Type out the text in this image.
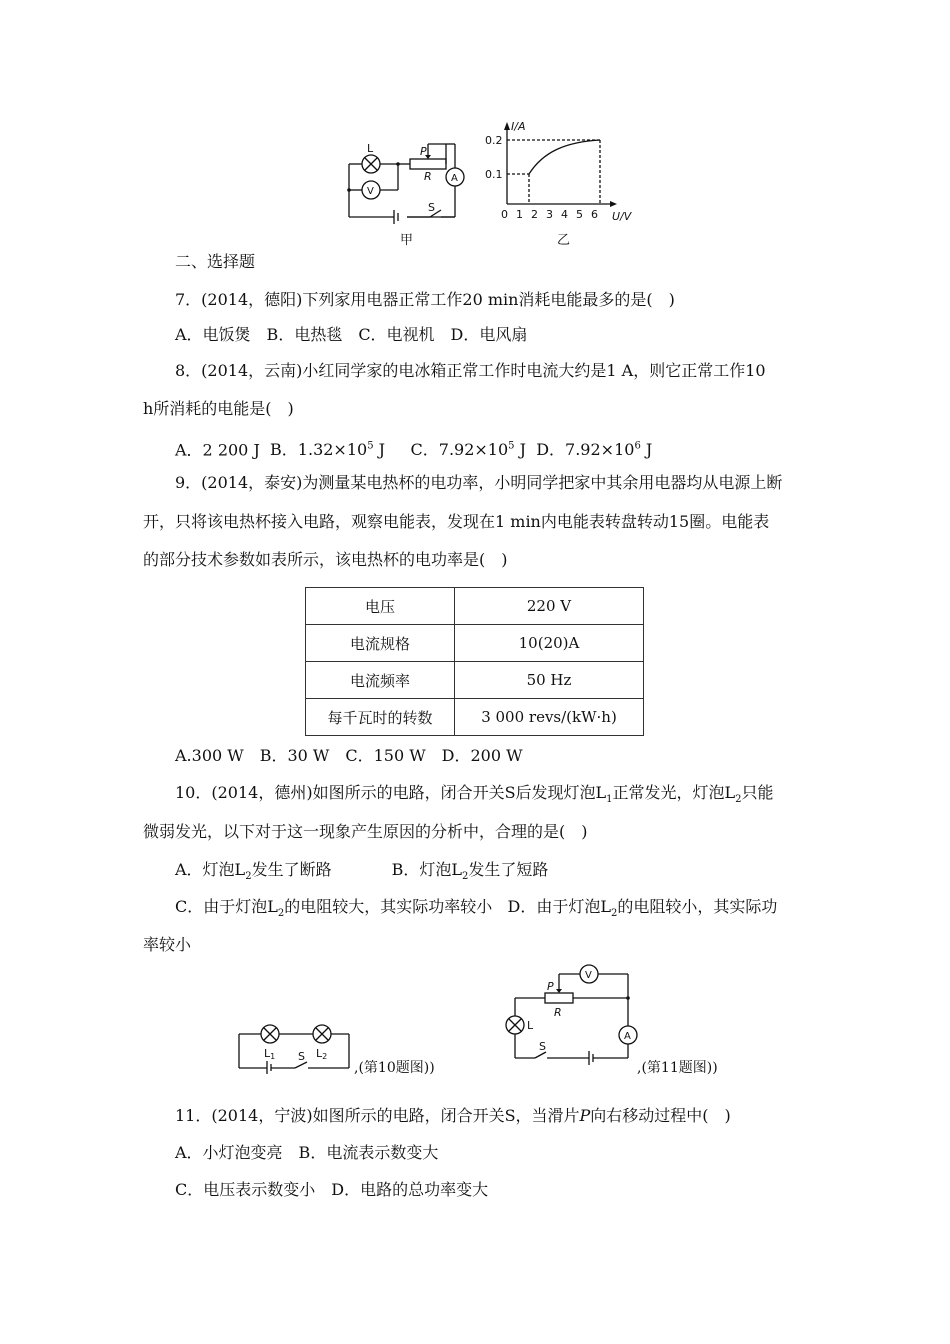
L
V
P
R A
S
甲
I/A
0.2
0.1
0 1 2 3 4 5 6 U/V
乙
二、选择题
7．(2014，德阳)下列家用电器正常工作20 min消耗电能最多的是(　)
A．电饭煲　B．电热毯　C．电视机　D．电风扇
8．(2014，云南)小红同学家的电冰箱正常工作时电流大约是1 A，则它正常工作10
h所消耗的电能是(　)
A．2 200 J B．$1.32\times 10^5$ J C．$7.92\times 10^5$ J D．$7.92\times 10^6$ J
9．(2014，泰安)为测量某电热杯的电功率，小明同学把家中其余用电器均从电源上断
开，只将该电热杯接入电路，观察电能表，发现在1 min内电能表转盘转动15圈。电能表
的部分技术参数如表所示，该电热杯的电功率是(　)
电压	220 V
电流规格	10(20)A
电流频率	50 Hz
每千瓦时的转数	3 000 revs/(kW·h)
A.300 W　B．30 W　C．150 W　D．200 W
10．(2014，德州)如图所示的电路，闭合开关S后发现灯泡$L_1$正常发光，灯泡$L_2$只能
微弱发光，以下对于这一现象产生原因的分析中，合理的是(　)
A．灯泡$L_2$发生了断路	B．灯泡$L_2$发生了短路
C．由于灯泡$L_2$的电阻较大，其实际功率较小 D．由于灯泡$L_2$的电阻较小，其实际功
率较小
L1	L2
S
,(第10题图))
P
R
V
L
A
S
,(第11题图))
11．(2014，宁波)如图所示的电路，闭合开关S，当滑片P向右移动过程中(　)
A．小灯泡变亮　B．电流表示数变大
C．电压表示数变小　D．电路的总功率变大
